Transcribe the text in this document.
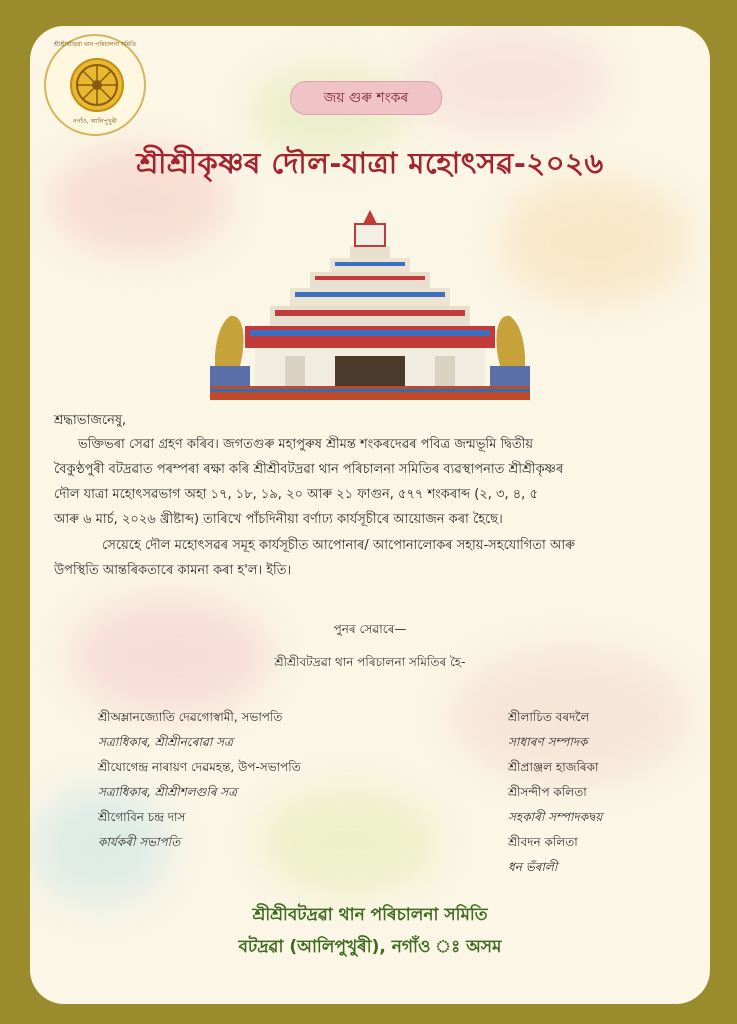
শ্ৰীশ্ৰীবটদ্ৰৱা থান পৰিচালনা সমিতি
নগাঁও, আলিপুখুৰী
জয় গুৰু শংকৰ
শ্ৰীশ্ৰীকৃষ্ণৰ দৌল-যাত্ৰা মহোৎসৱ-২০২৬
শ্ৰদ্ধাভাজনেষু,
ভক্তিভৰা সেৱা গ্ৰহণ কৰিব। জগতগুৰু মহাপুৰুষ শ্ৰীমন্ত শংকৰদেৱৰ পবিত্ৰ জন্মভূমি দ্বিতীয়
বৈকুণ্ঠপুৰী বটদ্ৰৱাত পৰম্পৰা ৰক্ষা কৰি শ্ৰীশ্ৰীবটদ্ৰৱা থান পৰিচালনা সমিতিৰ ব্যৱস্থাপনাত শ্ৰীশ্ৰীকৃষ্ণৰ
দৌল যাত্ৰা মহোৎসৱভাগ অহা ১৭, ১৮, ১৯, ২০ আৰু ২১ ফাগুন, ৫৭৭ শংকৰাব্দ (২, ৩, ৪, ৫
আৰু ৬ মাৰ্চ, ২০২৬ খ্ৰীষ্টাব্দ) তাৰিখে পাঁচদিনীয়া বৰ্ণাঢ্য কাৰ্যসূচীৰে আয়োজন কৰা হৈছে।
সেয়েহে দৌল মহোৎসৱৰ সমূহ কাৰ্যসূচীত আপোনাৰ/ আপোনালোকৰ সহায়-সহযোগিতা আৰু
উপস্থিতি আন্তৰিকতাৰে কামনা কৰা হ'ল। ইতি।
পুনৰ সেৱাৰে—
শ্ৰীশ্ৰীবটদ্ৰৱা থান পৰিচালনা সমিতিৰ হৈ-
শ্ৰীঅম্লানজ্যোতি দেৱগোস্বামী, সভাপতি
সত্ৰাধিকাৰ, শ্ৰীশ্ৰীনৰোৱা সত্ৰ
শ্ৰীযোগেন্দ্ৰ নাৰায়ণ দেৱমহন্ত, উপ-সভাপতি
সত্ৰাধিকাৰ, শ্ৰীশ্ৰীশলগুৰি সত্ৰ
শ্ৰীগোবিন চন্দ্ৰ দাস
কাৰ্যকৰী সভাপতি
শ্ৰীলাচিত বৰদলৈ
সাধাৰণ সম্পাদক
শ্ৰীপ্ৰাঞ্জল হাজৰিকা
শ্ৰীসন্দীপ কলিতা
সহকাৰী সম্পাদকদ্বয়
শ্ৰীবদন কলিতা
ধন ভঁৰালী
শ্ৰীশ্ৰীবটদ্ৰৱা থান পৰিচালনা সমিতি
বটদ্ৰৱা (আলিপুখুৰী), নগাঁও ঃ অসম
